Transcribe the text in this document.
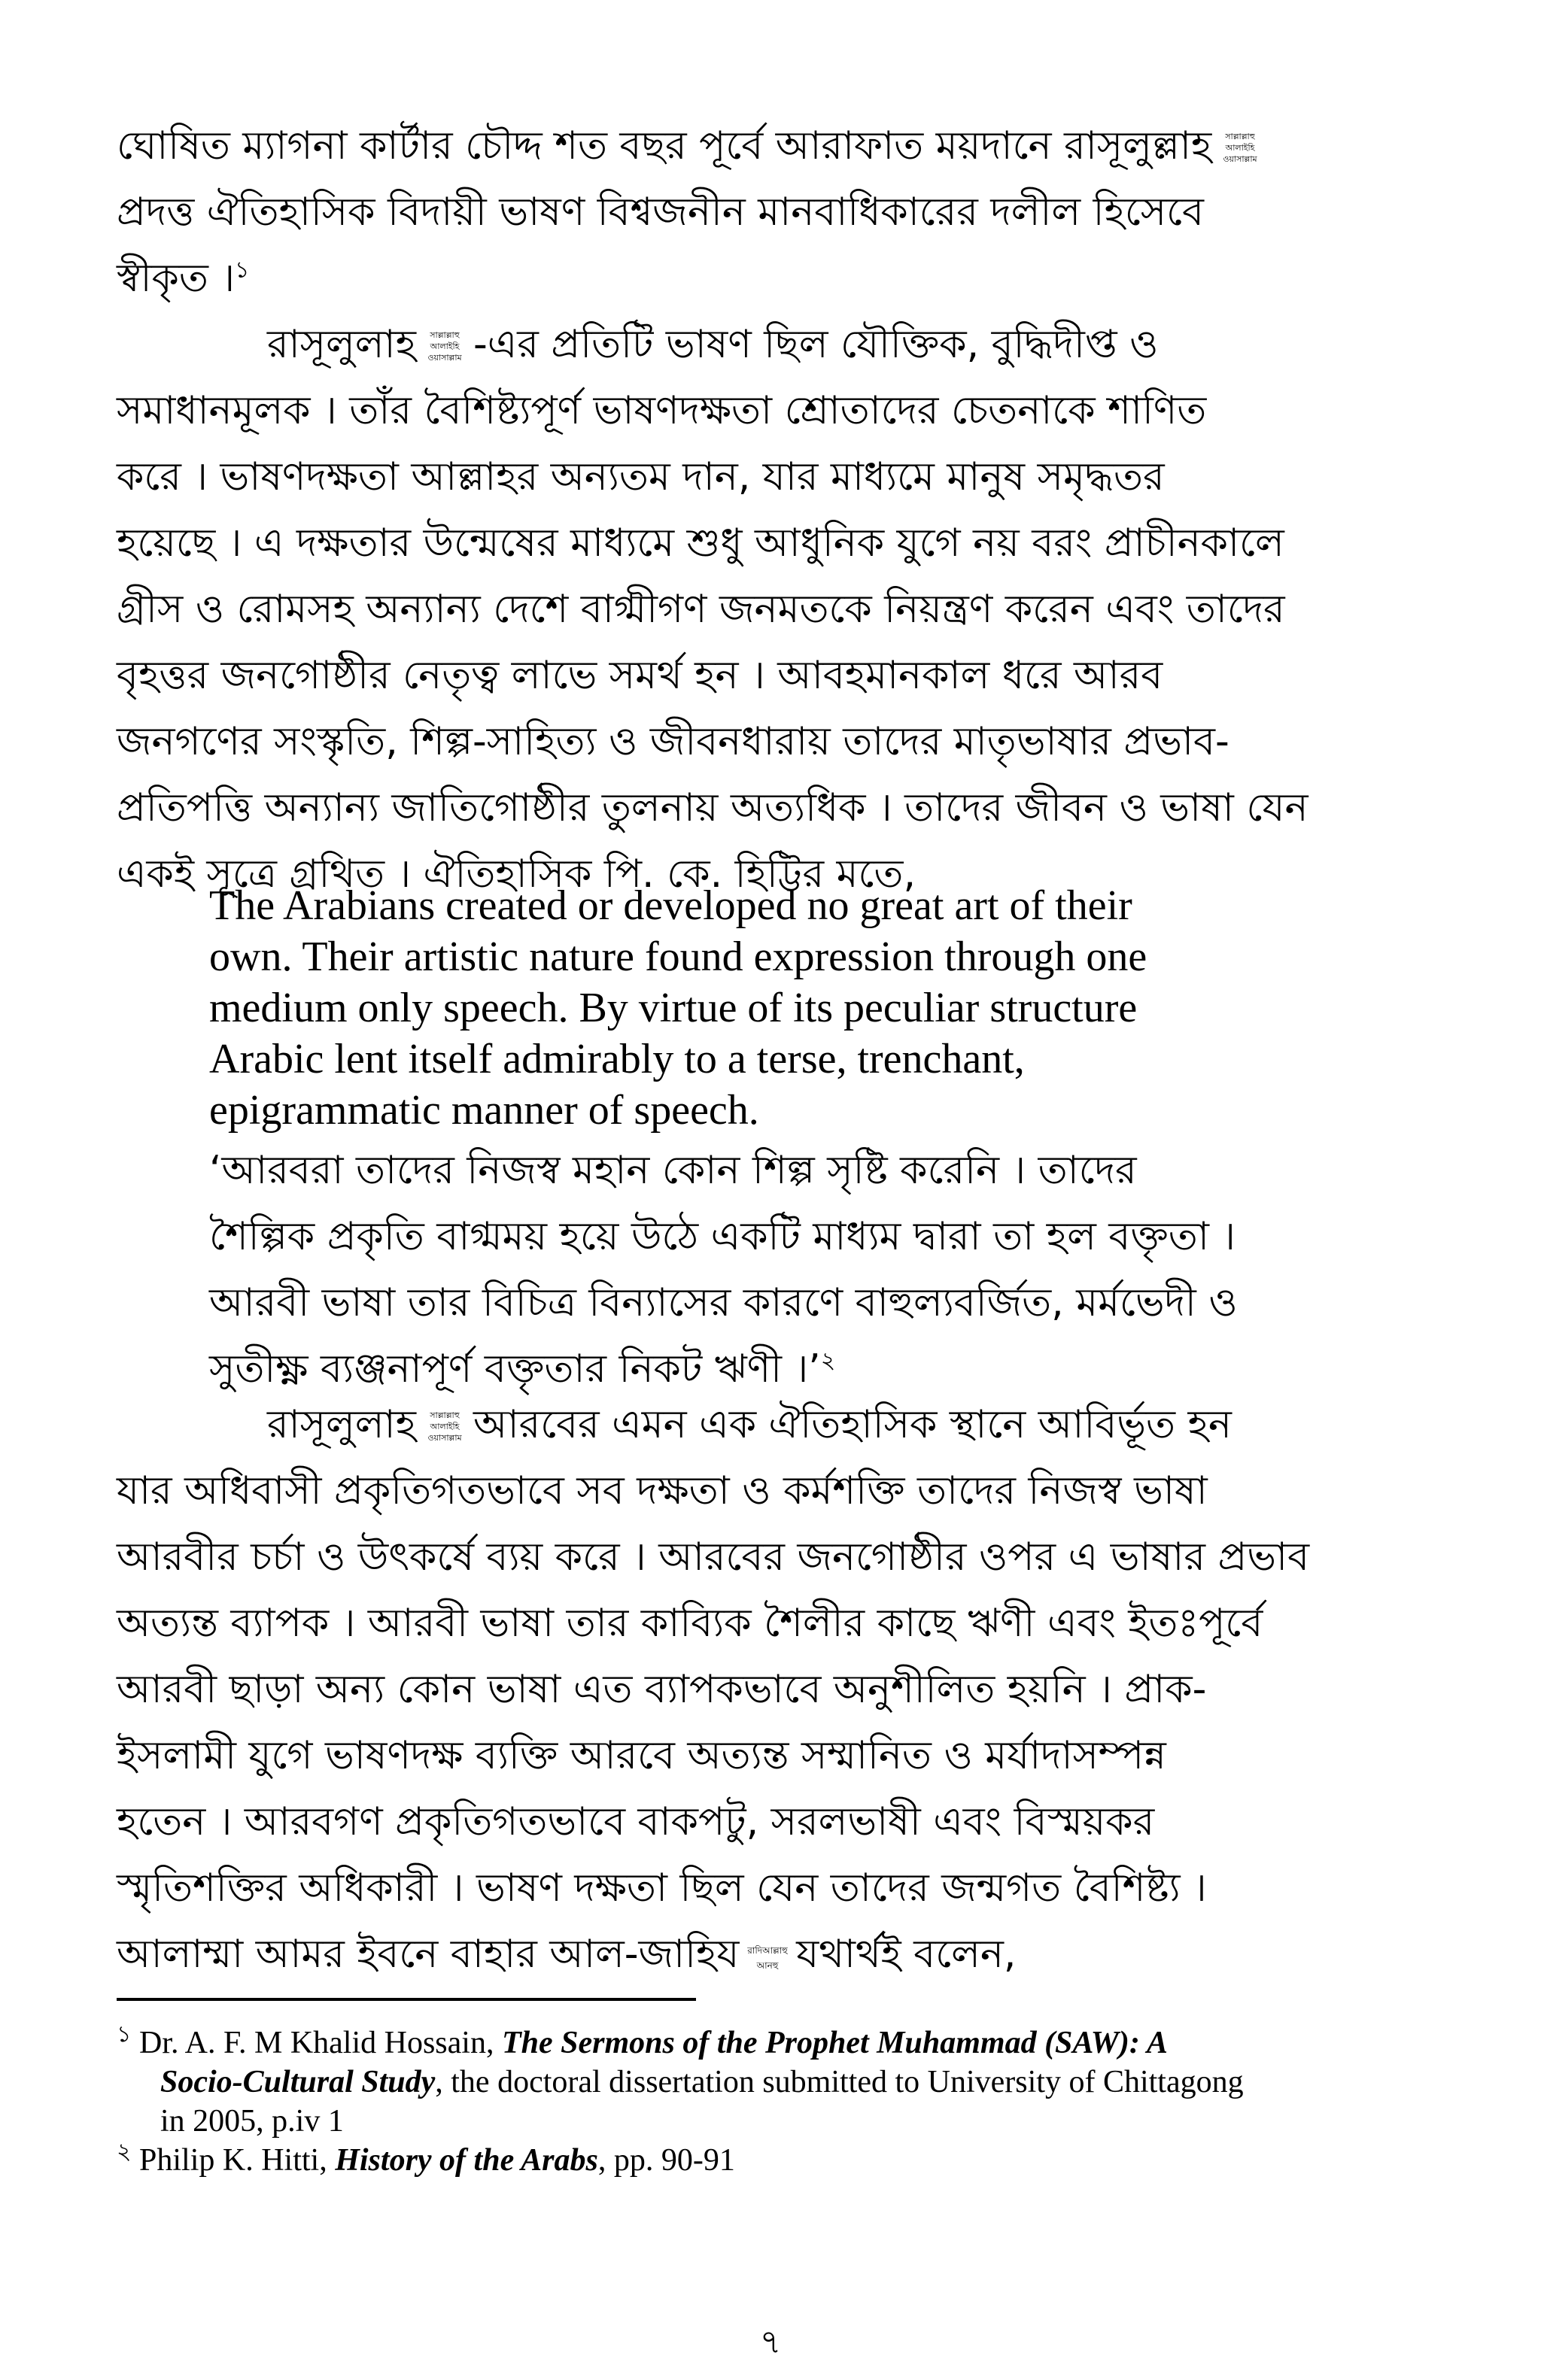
ঘোষিত ম্যাগনা কার্টার চৌদ্দ শত বছর পূর্বে আরাফাত ময়দানে রাসূলুল্লাহ সাল্লাল্লাহু
আলাইহি
ওয়াসাল্লাম
প্রদত্ত ঐতিহাসিক বিদায়ী ভাষণ বিশ্বজনীন মানবাধিকারের দলীল হিসেবে
স্বীকৃত ।$^১$
রাসূলুলাহ সাল্লাল্লাহু
আলাইহি
ওয়াসাল্লাম -এর প্রতিটি ভাষণ ছিল যৌক্তিক, বুদ্ধিদীপ্ত ও
সমাধানমূলক । তাঁর বৈশিষ্ট্যপূর্ণ ভাষণদক্ষতা শ্রোতাদের চেতনাকে শাণিত
করে । ভাষণদক্ষতা আল্লাহর অন্যতম দান, যার মাধ্যমে মানুষ সমৃদ্ধতর
হয়েছে । এ দক্ষতার উন্মেষের মাধ্যমে শুধু আধুনিক যুগে নয় বরং প্রাচীনকালে
গ্রীস ও রোমসহ অন্যান্য দেশে বাগ্মীগণ জনমতকে নিয়ন্ত্রণ করেন এবং তাদের
বৃহত্তর জনগোষ্ঠীর নেতৃত্ব লাভে সমর্থ হন । আবহমানকাল ধরে আরব
জনগণের সংস্কৃতি, শিল্প-সাহিত্য ও জীবনধারায় তাদের মাতৃভাষার প্রভাব-
প্রতিপত্তি অন্যান্য জাতিগোষ্ঠীর তুলনায় অত্যধিক । তাদের জীবন ও ভাষা যেন
একই সূত্রে গ্রথিত । ঐতিহাসিক পি. কে. হিট্টির মতে,
The Arabians created or developed no great art of their
own. Their artistic nature found expression through one
medium only speech. By virtue of its peculiar structure
Arabic lent itself admirably to a terse, trenchant,
epigrammatic manner of speech.
‘আরবরা তাদের নিজস্ব মহান কোন শিল্প সৃষ্টি করেনি । তাদের
শৈল্পিক প্রকৃতি বাগ্মময় হয়ে উঠে একটি মাধ্যম দ্বারা তা হল বক্তৃতা ।
আরবী ভাষা তার বিচিত্র বিন্যাসের কারণে বাহুল্যবর্জিত, মর্মভেদী ও
সুতীক্ষ্ণ ব্যঞ্জনাপূর্ণ বক্তৃতার নিকট ঋণী ।’$^২$
রাসূলুলাহ সাল্লাল্লাহু
আলাইহি
ওয়াসাল্লাম আরবের এমন এক ঐতিহাসিক স্থানে আবির্ভূত হন
যার অধিবাসী প্রকৃতিগতভাবে সব দক্ষতা ও কর্মশক্তি তাদের নিজস্ব ভাষা
আরবীর চর্চা ও উৎকর্ষে ব্যয় করে । আরবের জনগোষ্ঠীর ওপর এ ভাষার প্রভাব
অত্যন্ত ব্যাপক । আরবী ভাষা তার কাব্যিক শৈলীর কাছে ঋণী এবং ইতঃপূর্বে
আরবী ছাড়া অন্য কোন ভাষা এত ব্যাপকভাবে অনুশীলিত হয়নি । প্রাক-
ইসলামী যুগে ভাষণদক্ষ ব্যক্তি আরবে অত্যন্ত সম্মানিত ও মর্যাদাসম্পন্ন
হতেন । আরবগণ প্রকৃতিগতভাবে বাকপটু, সরলভাষী এবং বিস্ময়কর
স্মৃতিশক্তির অধিকারী । ভাষণ দক্ষতা ছিল যেন তাদের জন্মগত বৈশিষ্ট্য ।
আলাম্মা আমর ইবনে বাহার আল-জাহিয রাদিআল্লাহু
আনহু যথার্থই বলেন,
$^১$ Dr. A. F. M Khalid Hossain, The Sermons of the Prophet Muhammad (SAW): A
Socio-Cultural Study, the doctoral dissertation submitted to University of Chittagong
in 2005, p.iv 1
$^২$ Philip K. Hitti, History of the Arabs, pp. 90-91
৭
